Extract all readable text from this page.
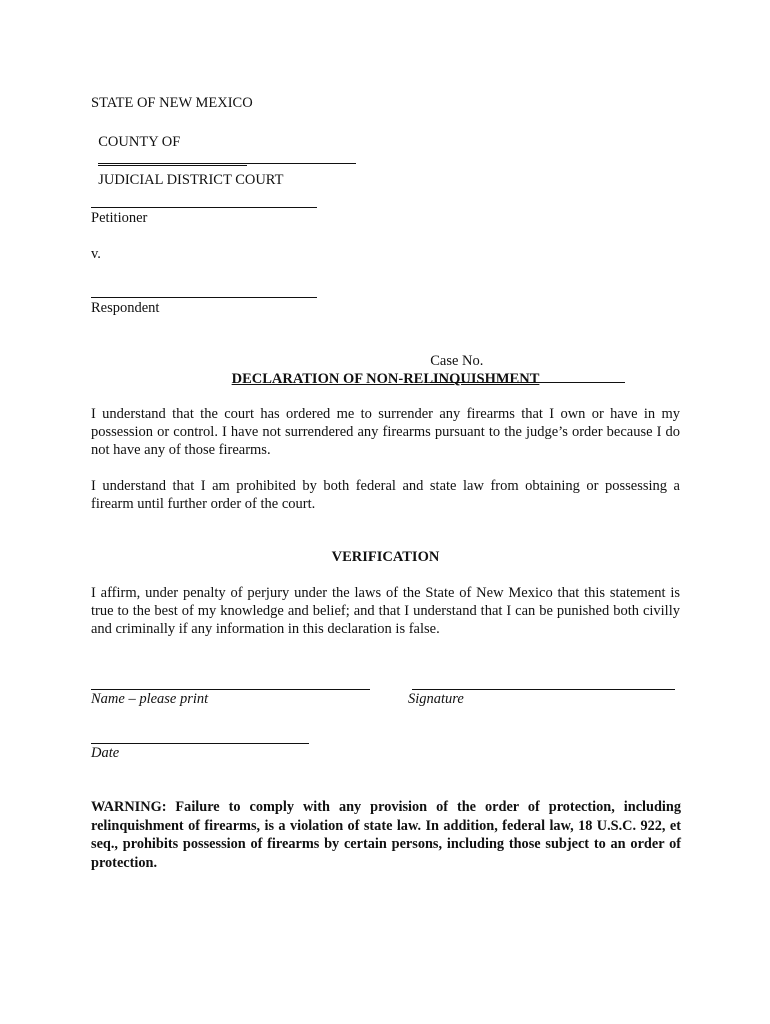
STATE OF NEW MEXICO

COUNTY OF

JUDICIAL DISTRICT COURT

Petitioner
v.
Respondent

Case No.

DECLARATION OF NON-RELINQUISHMENT
I understand that the court has ordered me to surrender any firearms that I own or have in my possession or control. I have not surrendered any firearms pursuant to the judge’s order because I do not have any of those firearms.
I understand that I am prohibited by both federal and state law from obtaining or possessing a firearm until further order of the court.
VERIFICATION
I affirm, under penalty of perjury under the laws of the State of New Mexico that this statement is true to the best of my knowledge and belief; and that I understand that I can be punished both civilly and criminally if any information in this declaration is false.
Name – please print	Signature
Date
WARNING: Failure to comply with any provision of the order of protection, including relinquishment of firearms, is a violation of state law. In addition, federal law, 18 U.S.C. 922, et seq., prohibits possession of firearms by certain persons, including those subject to an order of protection.
